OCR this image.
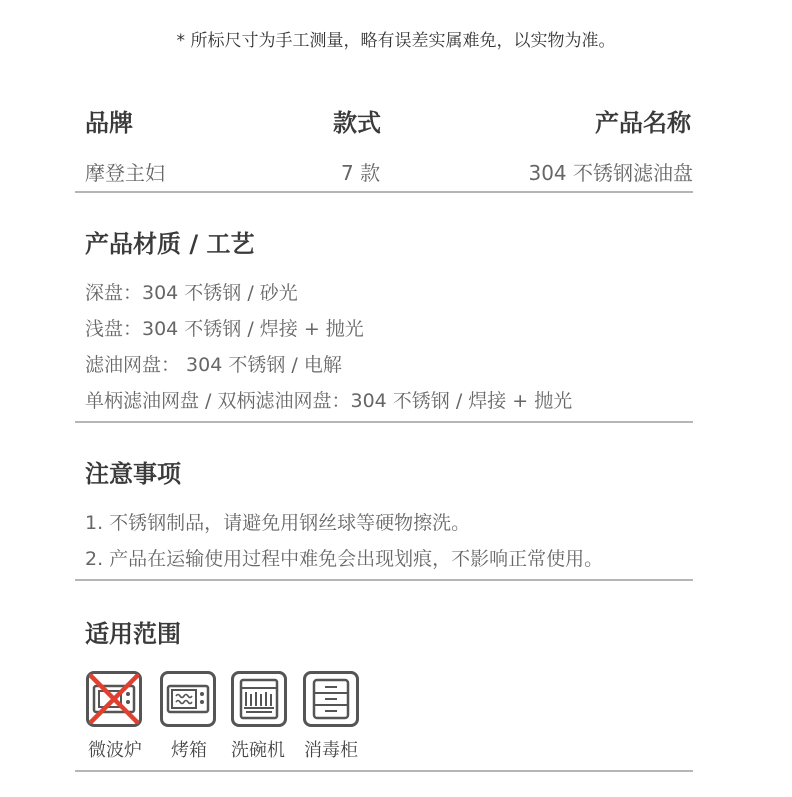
* 所标尺寸为手工测量，略有误差实属难免，以实物为准。
品牌	款式	产品名称
摩登主妇	7 款	304 不锈钢滤油盘
产品材质 / 工艺
深盘：304 不锈钢 / 砂光
浅盘：304 不锈钢 / 焊接 + 抛光
滤油网盘： 304 不锈钢 / 电解
单柄滤油网盘 / 双柄滤油网盘：304 不锈钢 / 焊接 + 抛光
注意事项
1. 不锈钢制品，请避免用钢丝球等硬物擦洗。
2. 产品在运输使用过程中难免会出现划痕，不影响正常使用。
适用范围
微波炉	烤箱	洗碗机	消毒柜
